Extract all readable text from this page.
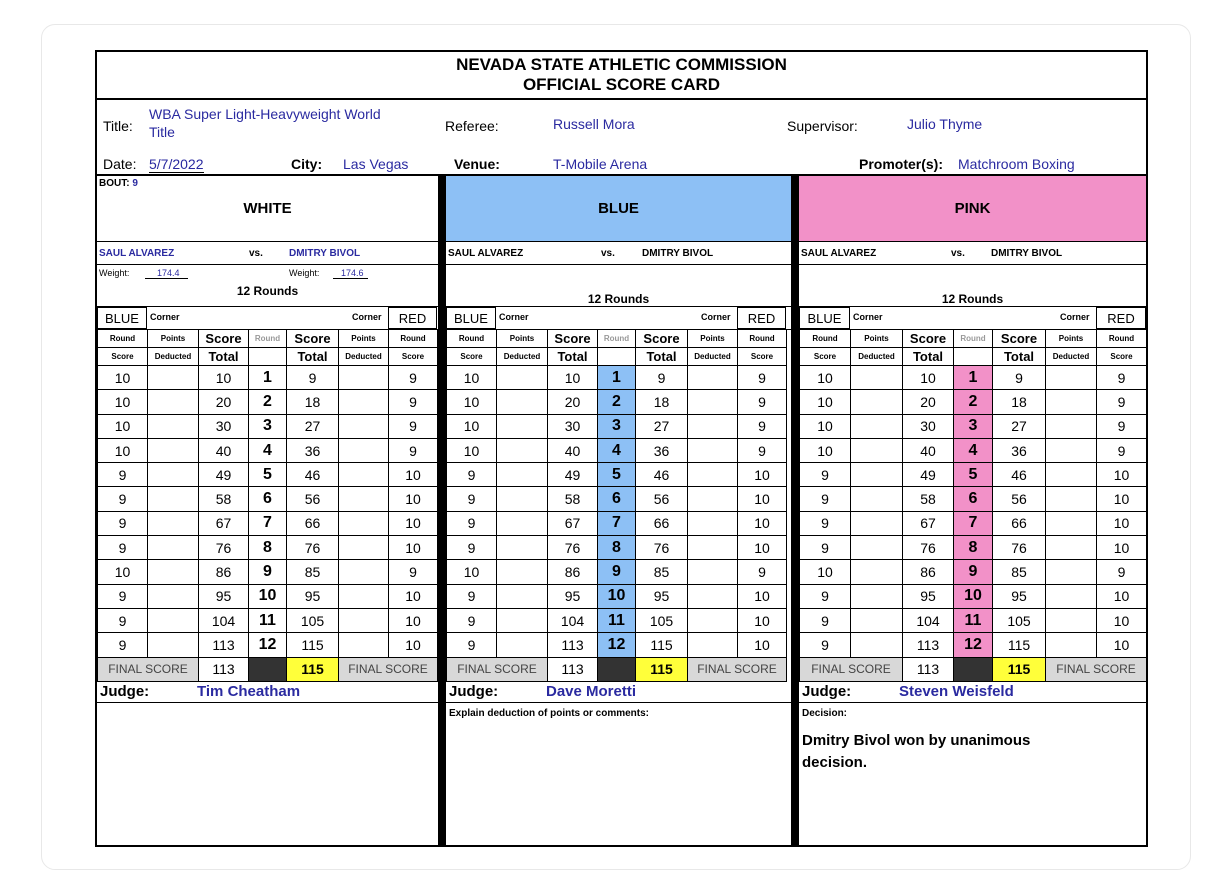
NEVADA STATE ATHLETIC COMMISSION
OFFICIAL SCORE CARD
Title:
WBA Super Light-Heavyweight World
Title	Referee:	Russell Mora	Supervisor:	Julio Thyme
Date: 5/7/2022	City: Las Vegas	Venue:	T-Mobile Arena	Promoter(s): Matchroom Boxing
WHITE
BOUT: 9
SAUL ALVAREZ	vs.	DMITRY BIVOL
Weight:	174.4	Weight:	174.6
12 Rounds
BLUE	Corner	Corner	RED
Round	Points	Score	Round	Score	Points	Round
Score	Deducted	Total		Total	Deducted	Score
10		10	1	9		9
10		20	2	18		9
10		30	3	27		9
10		40	4	36		9
9		49	5	46		10
9		58	6	56		10
9		67	7	66		10
9		76	8	76		10
10		86	9	85		9
9		95	10	95		10
9		104	11	105		10
9		113	12	115		10
FINAL SCORE		113		115	FINAL SCORE	
Judge:	Tim Cheatham
BLUE
SAUL ALVAREZ	vs.	DMITRY BIVOL
12 Rounds
BLUE	Corner	Corner	RED
Round	Points	Score	Round	Score	Points	Round
Score	Deducted	Total		Total	Deducted	Score
10		10	1	9		9
10		20	2	18		9
10		30	3	27		9
10		40	4	36		9
9		49	5	46		10
9		58	6	56		10
9		67	7	66		10
9		76	8	76		10
10		86	9	85		9
9		95	10	95		10
9		104	11	105		10
9		113	12	115		10
FINAL SCORE		113		115	FINAL SCORE	
Judge:	Dave Moretti
Explain deduction of points or comments:
PINK
SAUL ALVAREZ	vs.	DMITRY BIVOL
12 Rounds
Decision:
Dmitry Bivol won by unanimous decision.
BLUE	Corner	Corner	RED
Round	Points	Score	Round	Score	Points	Round
Score	Deducted	Total		Total	Deducted	Score
10		10	1	9		9
10		20	2	18		9
10		30	3	27		9
10		40	4	36		9
9		49	5	46		10
9		58	6	56		10
9		67	7	66		10
9		76	8	76		10
10		86	9	85		9
9		95	10	95		10
9		104	11	105		10
9		113	12	115		10
FINAL SCORE		113		115	FINAL SCORE	
Judge:	Steven Weisfeld
